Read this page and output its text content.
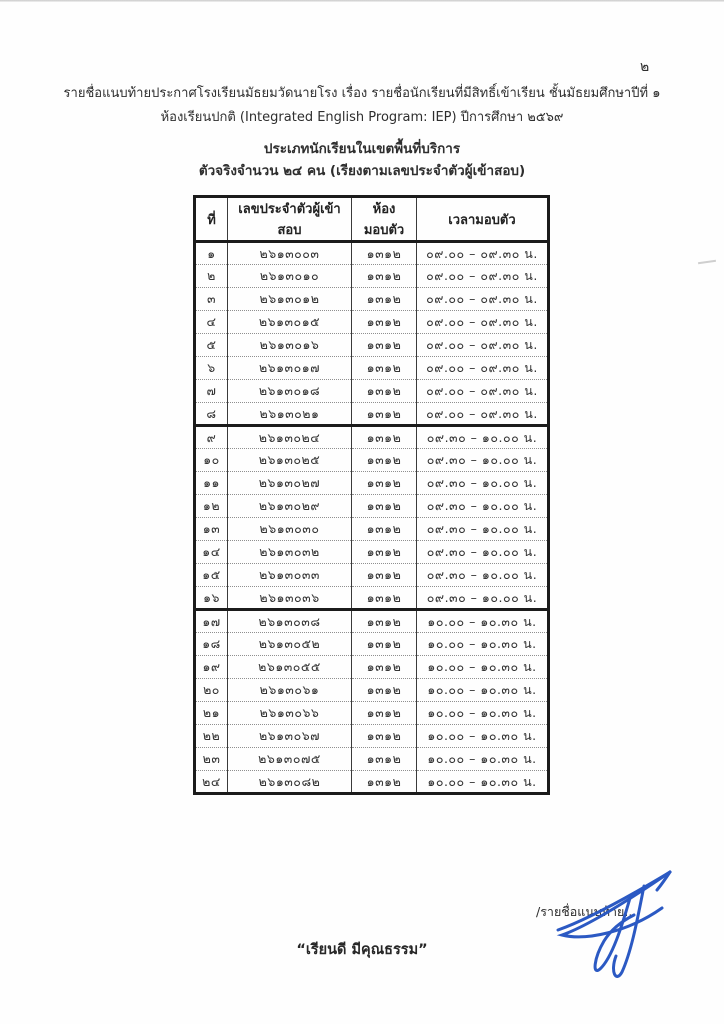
๒
รายชื่อแนบท้ายประกาศโรงเรียนมัธยมวัดนายโรง เรื่อง รายชื่อนักเรียนที่มีสิทธิ์เข้าเรียน ชั้นมัธยมศึกษาปีที่ ๑
ห้องเรียนปกติ (Integrated English Program: IEP) ปีการศึกษา ๒๕๖๙
ประเภทนักเรียนในเขตพื้นที่บริการ
ตัวจริงจำนวน ๒๔ คน (เรียงตามเลขประจำตัวผู้เข้าสอบ)
ที่	เลขประจำตัวผู้เข้าสอบ	ห้องมอบตัว	เวลามอบตัว
๑	๒๖๑๓๐๐๓	๑๓๑๒	๐๙.๐๐ – ๐๙.๓๐ น.
๒	๒๖๑๓๐๑๐	๑๓๑๒	๐๙.๐๐ – ๐๙.๓๐ น.
๓	๒๖๑๓๐๑๒	๑๓๑๒	๐๙.๐๐ – ๐๙.๓๐ น.
๔	๒๖๑๓๐๑๕	๑๓๑๒	๐๙.๐๐ – ๐๙.๓๐ น.
๕	๒๖๑๓๐๑๖	๑๓๑๒	๐๙.๐๐ – ๐๙.๓๐ น.
๖	๒๖๑๓๐๑๗	๑๓๑๒	๐๙.๐๐ – ๐๙.๓๐ น.
๗	๒๖๑๓๐๑๘	๑๓๑๒	๐๙.๐๐ – ๐๙.๓๐ น.
๘	๒๖๑๓๐๒๑	๑๓๑๒	๐๙.๐๐ – ๐๙.๓๐ น.
๙	๒๖๑๓๐๒๔	๑๓๑๒	๐๙.๓๐ – ๑๐.๐๐ น.
๑๐	๒๖๑๓๐๒๕	๑๓๑๒	๐๙.๓๐ – ๑๐.๐๐ น.
๑๑	๒๖๑๓๐๒๗	๑๓๑๒	๐๙.๓๐ – ๑๐.๐๐ น.
๑๒	๒๖๑๓๐๒๙	๑๓๑๒	๐๙.๓๐ – ๑๐.๐๐ น.
๑๓	๒๖๑๓๐๓๐	๑๓๑๒	๐๙.๓๐ – ๑๐.๐๐ น.
๑๔	๒๖๑๓๐๓๒	๑๓๑๒	๐๙.๓๐ – ๑๐.๐๐ น.
๑๕	๒๖๑๓๐๓๓	๑๓๑๒	๐๙.๓๐ – ๑๐.๐๐ น.
๑๖	๒๖๑๓๐๓๖	๑๓๑๒	๐๙.๓๐ – ๑๐.๐๐ น.
๑๗	๒๖๑๓๐๓๘	๑๓๑๒	๑๐.๐๐ – ๑๐.๓๐ น.
๑๘	๒๖๑๓๐๕๒	๑๓๑๒	๑๐.๐๐ – ๑๐.๓๐ น.
๑๙	๒๖๑๓๐๕๕	๑๓๑๒	๑๐.๐๐ – ๑๐.๓๐ น.
๒๐	๒๖๑๓๐๖๑	๑๓๑๒	๑๐.๐๐ – ๑๐.๓๐ น.
๒๑	๒๖๑๓๐๖๖	๑๓๑๒	๑๐.๐๐ – ๑๐.๓๐ น.
๒๒	๒๖๑๓๐๖๗	๑๓๑๒	๑๐.๐๐ – ๑๐.๓๐ น.
๒๓	๒๖๑๓๐๗๕	๑๓๑๒	๑๐.๐๐ – ๑๐.๓๐ น.
๒๔	๒๖๑๓๐๘๒	๑๓๑๒	๑๐.๐๐ – ๑๐.๓๐ น.
/รายชื่อแนบท้าย...
“เรียนดี มีคุณธรรม”
